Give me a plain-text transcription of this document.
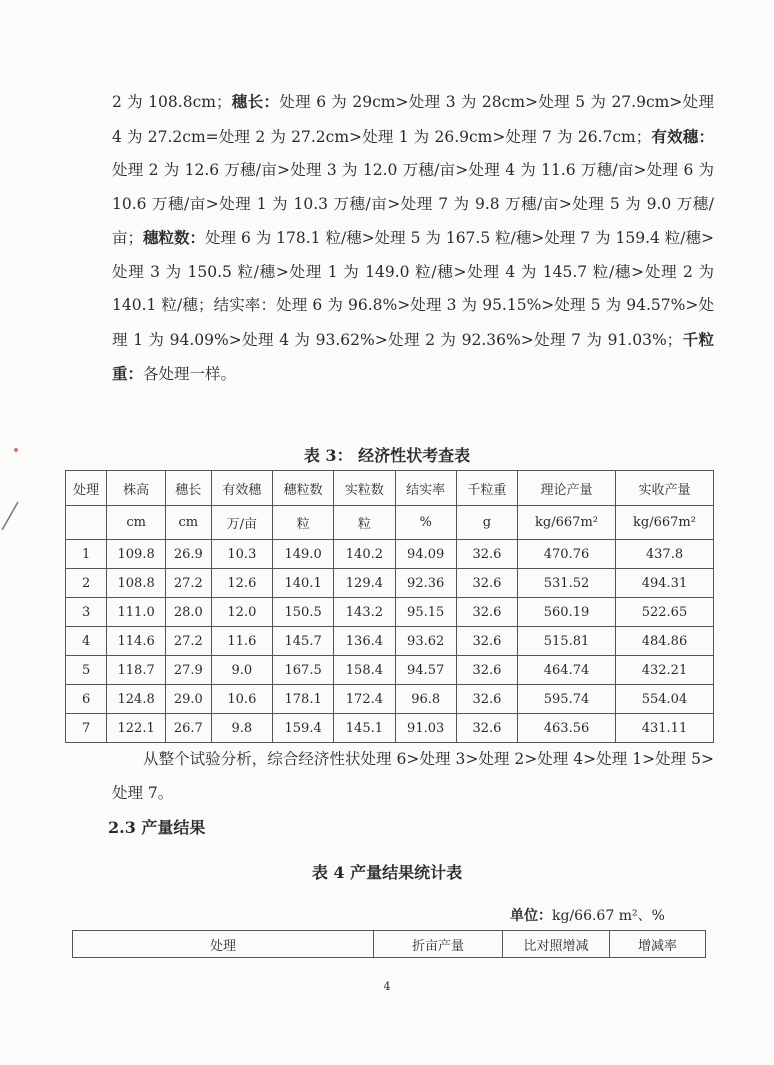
2 为 108.8cm；穗长：处理 6 为 29cm>处理 3 为 28cm>处理 5 为 27.9cm>处理 4 为 27.2cm=处理 2 为 27.2cm>处理 1 为 26.9cm>处理 7 为 26.7cm；有效穗：处理 2 为 12.6 万穗/亩>处理 3 为 12.0 万穗/亩>处理 4 为 11.6 万穗/亩>处理 6 为 10.6 万穗/亩>处理 1 为 10.3 万穗/亩>处理 7 为 9.8 万穗/亩>处理 5 为 9.0 万穗/亩；穗粒数：处理 6 为 178.1 粒/穗>处理 5 为 167.5 粒/穗>处理 7 为 159.4 粒/穗>处理 3 为 150.5 粒/穗>处理 1 为 149.0 粒/穗>处理 4 为 145.7 粒/穗>处理 2 为 140.1 粒/穗；结实率：处理 6 为 96.8%>处理 3 为 95.15%>处理 5 为 94.57%>处理 1 为 94.09%>处理 4 为 93.62%>处理 2 为 92.36%>处理 7 为 91.03%；千粒重：各处理一样。
表 3： 经济性状考查表
处理	株高	穗长	有效穗	穗粒数	实粒数	结实率	千粒重	理论产量	实收产量
	cm	cm	万/亩	粒	粒	%	g	kg/667m²	kg/667m²
1	109.8	26.9	10.3	149.0	140.2	94.09	32.6	470.76	437.8
2	108.8	27.2	12.6	140.1	129.4	92.36	32.6	531.52	494.31
3	111.0	28.0	12.0	150.5	143.2	95.15	32.6	560.19	522.65
4	114.6	27.2	11.6	145.7	136.4	93.62	32.6	515.81	484.86
5	118.7	27.9	9.0	167.5	158.4	94.57	32.6	464.74	432.21
6	124.8	29.0	10.6	178.1	172.4	96.8	32.6	595.74	554.04
7	122.1	26.7	9.8	159.4	145.1	91.03	32.6	463.56	431.11
  从整个试验分析，综合经济性状处理 6>处理 3>处理 2>处理 4>处理 1>处理 5>处理 7。
2.3 产量结果
表 4 产量结果统计表
单位：kg/66.67 m²、%
处理	折亩产量	比对照增减	增减率
4
